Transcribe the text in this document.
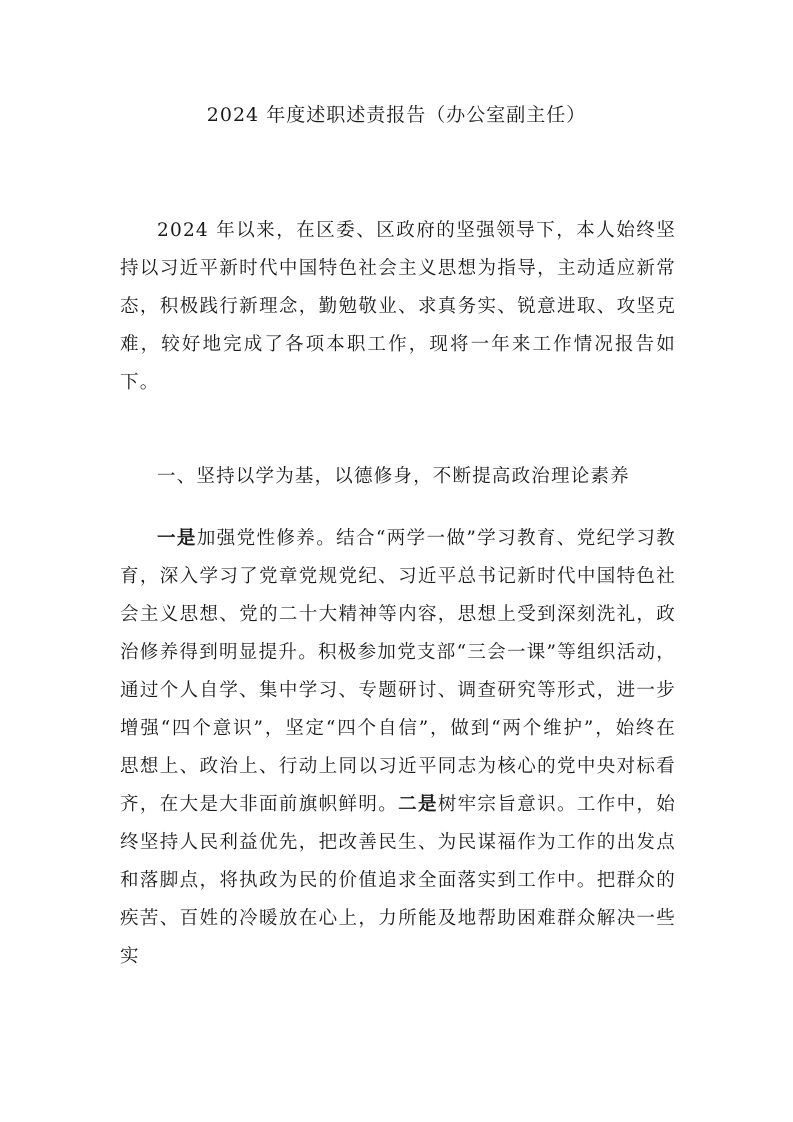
2024 年度述职述责报告（办公室副主任）

2024 年以来，在区委、区政府的坚强领导下，本人始终坚持以习近平新时代中国特色社会主义思想为指导，主动适应新常态，积极践行新理念，勤勉敬业、求真务实、锐意进取、攻坚克难，较好地完成了各项本职工作，现将一年来工作情况报告如下。

一、坚持以学为基，以德修身，不断提高政治理论素养

一是加强党性修养。结合“两学一做”学习教育、党纪学习教育，深入学习了党章党规党纪、习近平总书记新时代中国特色社会主义思想、党的二十大精神等内容，思想上受到深刻洗礼，政治修养得到明显提升。积极参加党支部“三会一课”等组织活动，通过个人自学、集中学习、专题研讨、调查研究等形式，进一步增强“四个意识”，坚定“四个自信”，做到“两个维护”，始终在思想上、政治上、行动上同以习近平同志为核心的党中央对标看齐，在大是大非面前旗帜鲜明。二是树牢宗旨意识。工作中，始终坚持人民利益优先，把改善民生、为民谋福作为工作的出发点和落脚点，将执政为民的价值追求全面落实到工作中。把群众的疾苦、百姓的冷暖放在心上，力所能及地帮助困难群众解决一些实
